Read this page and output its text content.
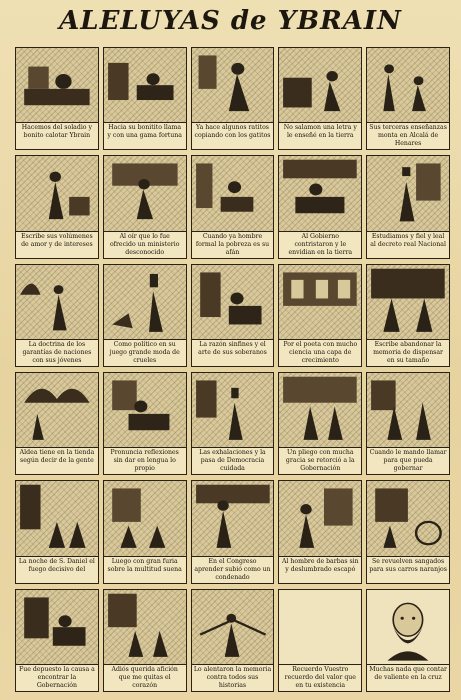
ALELUYAS de YBRAIN
Hacemos del soladio y bonito calotar Ybrain
Hacia su bonitito llama y con una gama fortuna
Ya hace algunos ratitos copiando con los gatitos
No salamon una letra y le enseñé en la tierra
Sus terceras enseñanzas monta en Alcalá de Henares
Escribe sus volúmenes de amor y de intereses
Al oír que lo fue ofrecido un ministerio desconocido
Cuando ya hombre formal la pobreza es su afán
Al Gobierno contristaron y le envidian en la tierra
Estudiamos y fiel y leal al decreto real Nacional
La doctrina de los garantías de naciones con sus jóvenes
Como político en su juego grande moda de crueles
La razón sinfines y el arte de sus soberanos
Por el poeta con mucho ciencia una capa de crecimiento
Escribe abandonar la memoria de dispensar en su tamaño
Aldea tiene en la tienda según decir de la gente
Pronuncia reflexiones sin dar en lengua lo propio
Las exhalaciones y la pasa de Democracia cuidada
Un pliego con mucha gracia se retorció a la Gobernación
Cuando le mando llamar para que pueda gobernar
La noche de S. Daniel el fuego decisivo del
Luego con gran furia sobre la multitud suena
En el Congreso aprender subió como un condenado
Al hombre de barbas sin y deslumbrado escapó
Se revuelven sangados para sus carros naranjos
Fue depuesto la causa a encontrar la Gobernación
Adiós querida afición que me quitas el corazón
Lo alentaron la memoria contra todos sus historias
Recuerdo Vuestro recuerdo del valor que en tu existencia
Muchas nada que contar de valiente en la cruz
